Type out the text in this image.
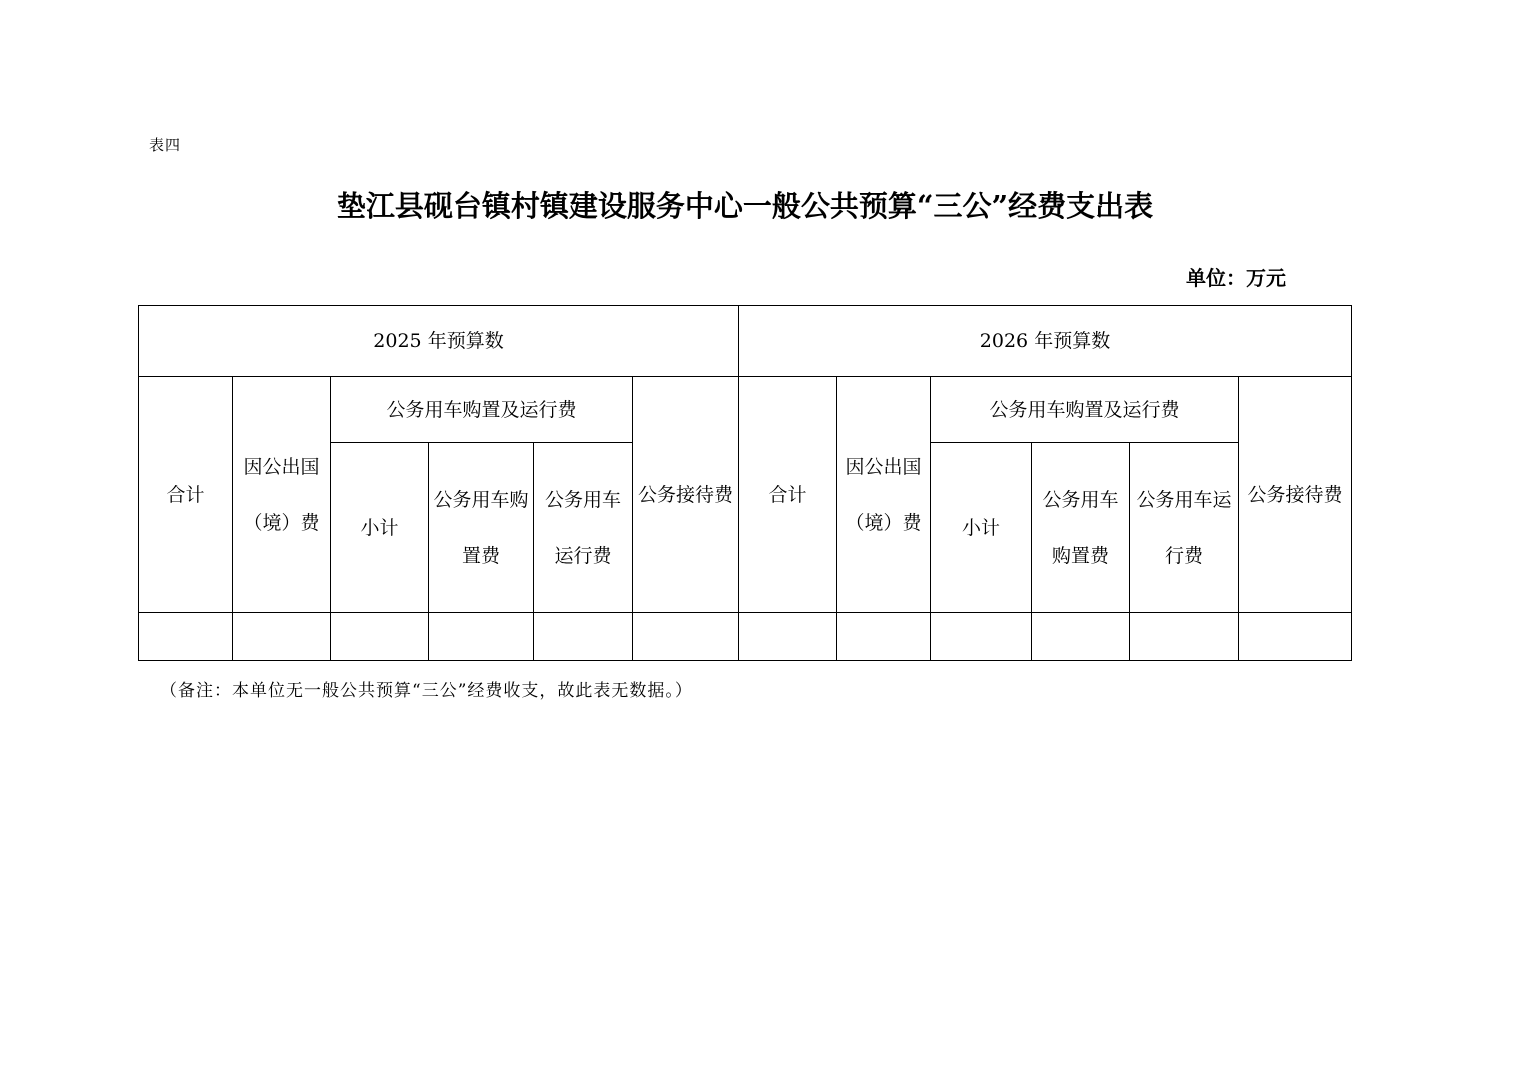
表四
垫江县砚台镇村镇建设服务中心一般公共预算“三公”经费支出表
单位：万元
2025 年预算数						2026 年预算数					
合计	因公出国（境）费	公务用车购置及运行费			公务接待费	合计	因公出国（境）费	公务用车购置及运行费			公务接待费
		小计	公务用车购置费	公务用车运行费				小计	公务用车购置费	公务用车运行费	

（备注：本单位无一般公共预算“三公”经费收支，故此表无数据。）
